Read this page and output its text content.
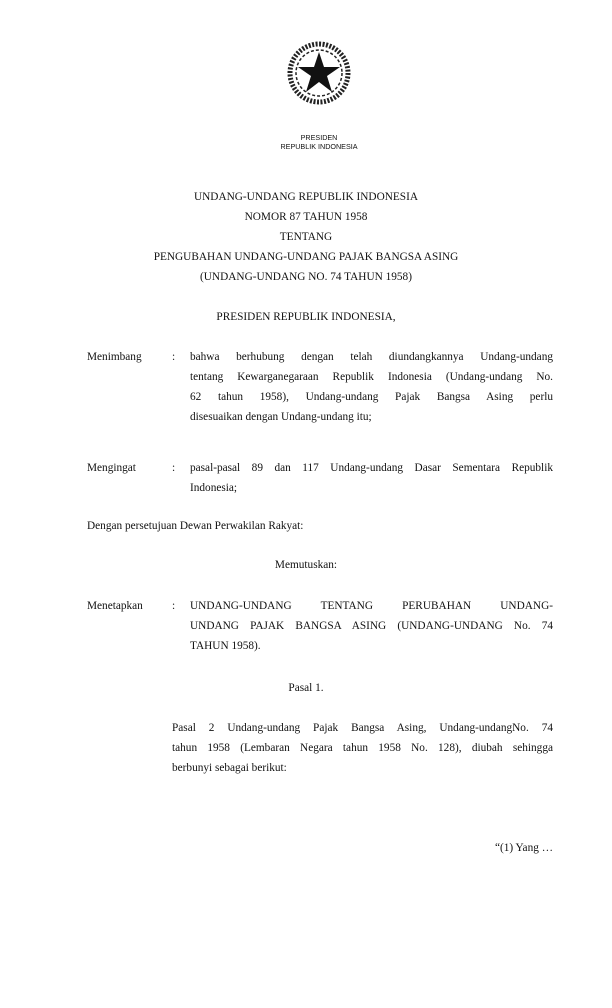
PRESIDEN
REPUBLIK INDONESIA
UNDANG-UNDANG REPUBLIK INDONESIA
NOMOR 87 TAHUN 1958
TENTANG
PENGUBAHAN UNDANG-UNDANG PAJAK BANGSA ASING
(UNDANG-UNDANG NO. 74 TAHUN 1958)
PRESIDEN REPUBLIK INDONESIA,
Menimbang	: bahwa berhubung dengan telah diundangkannya Undang-undang
tentang Kewarganegaraan Republik Indonesia (Undang-undang No.
62 tahun 1958), Undang-undang Pajak Bangsa Asing perlu
disesuaikan dengan Undang-undang itu;
Mengingat	: pasal-pasal 89 dan 117 Undang-undang Dasar Sementara Republik
Indonesia;
Dengan persetujuan Dewan Perwakilan Rakyat:
Memutuskan:
Menetapkan	: UNDANG-UNDANG TENTANG PERUBAHAN UNDANG-
UNDANG PAJAK BANGSA ASING (UNDANG-UNDANG No. 74
TAHUN 1958).
Pasal 1.
Pasal 2 Undang-undang Pajak Bangsa Asing, Undang-undangNo. 74
tahun 1958 (Lembaran Negara tahun 1958 No. 128), diubah sehingga
berbunyi sebagai berikut:
“(1) Yang …
